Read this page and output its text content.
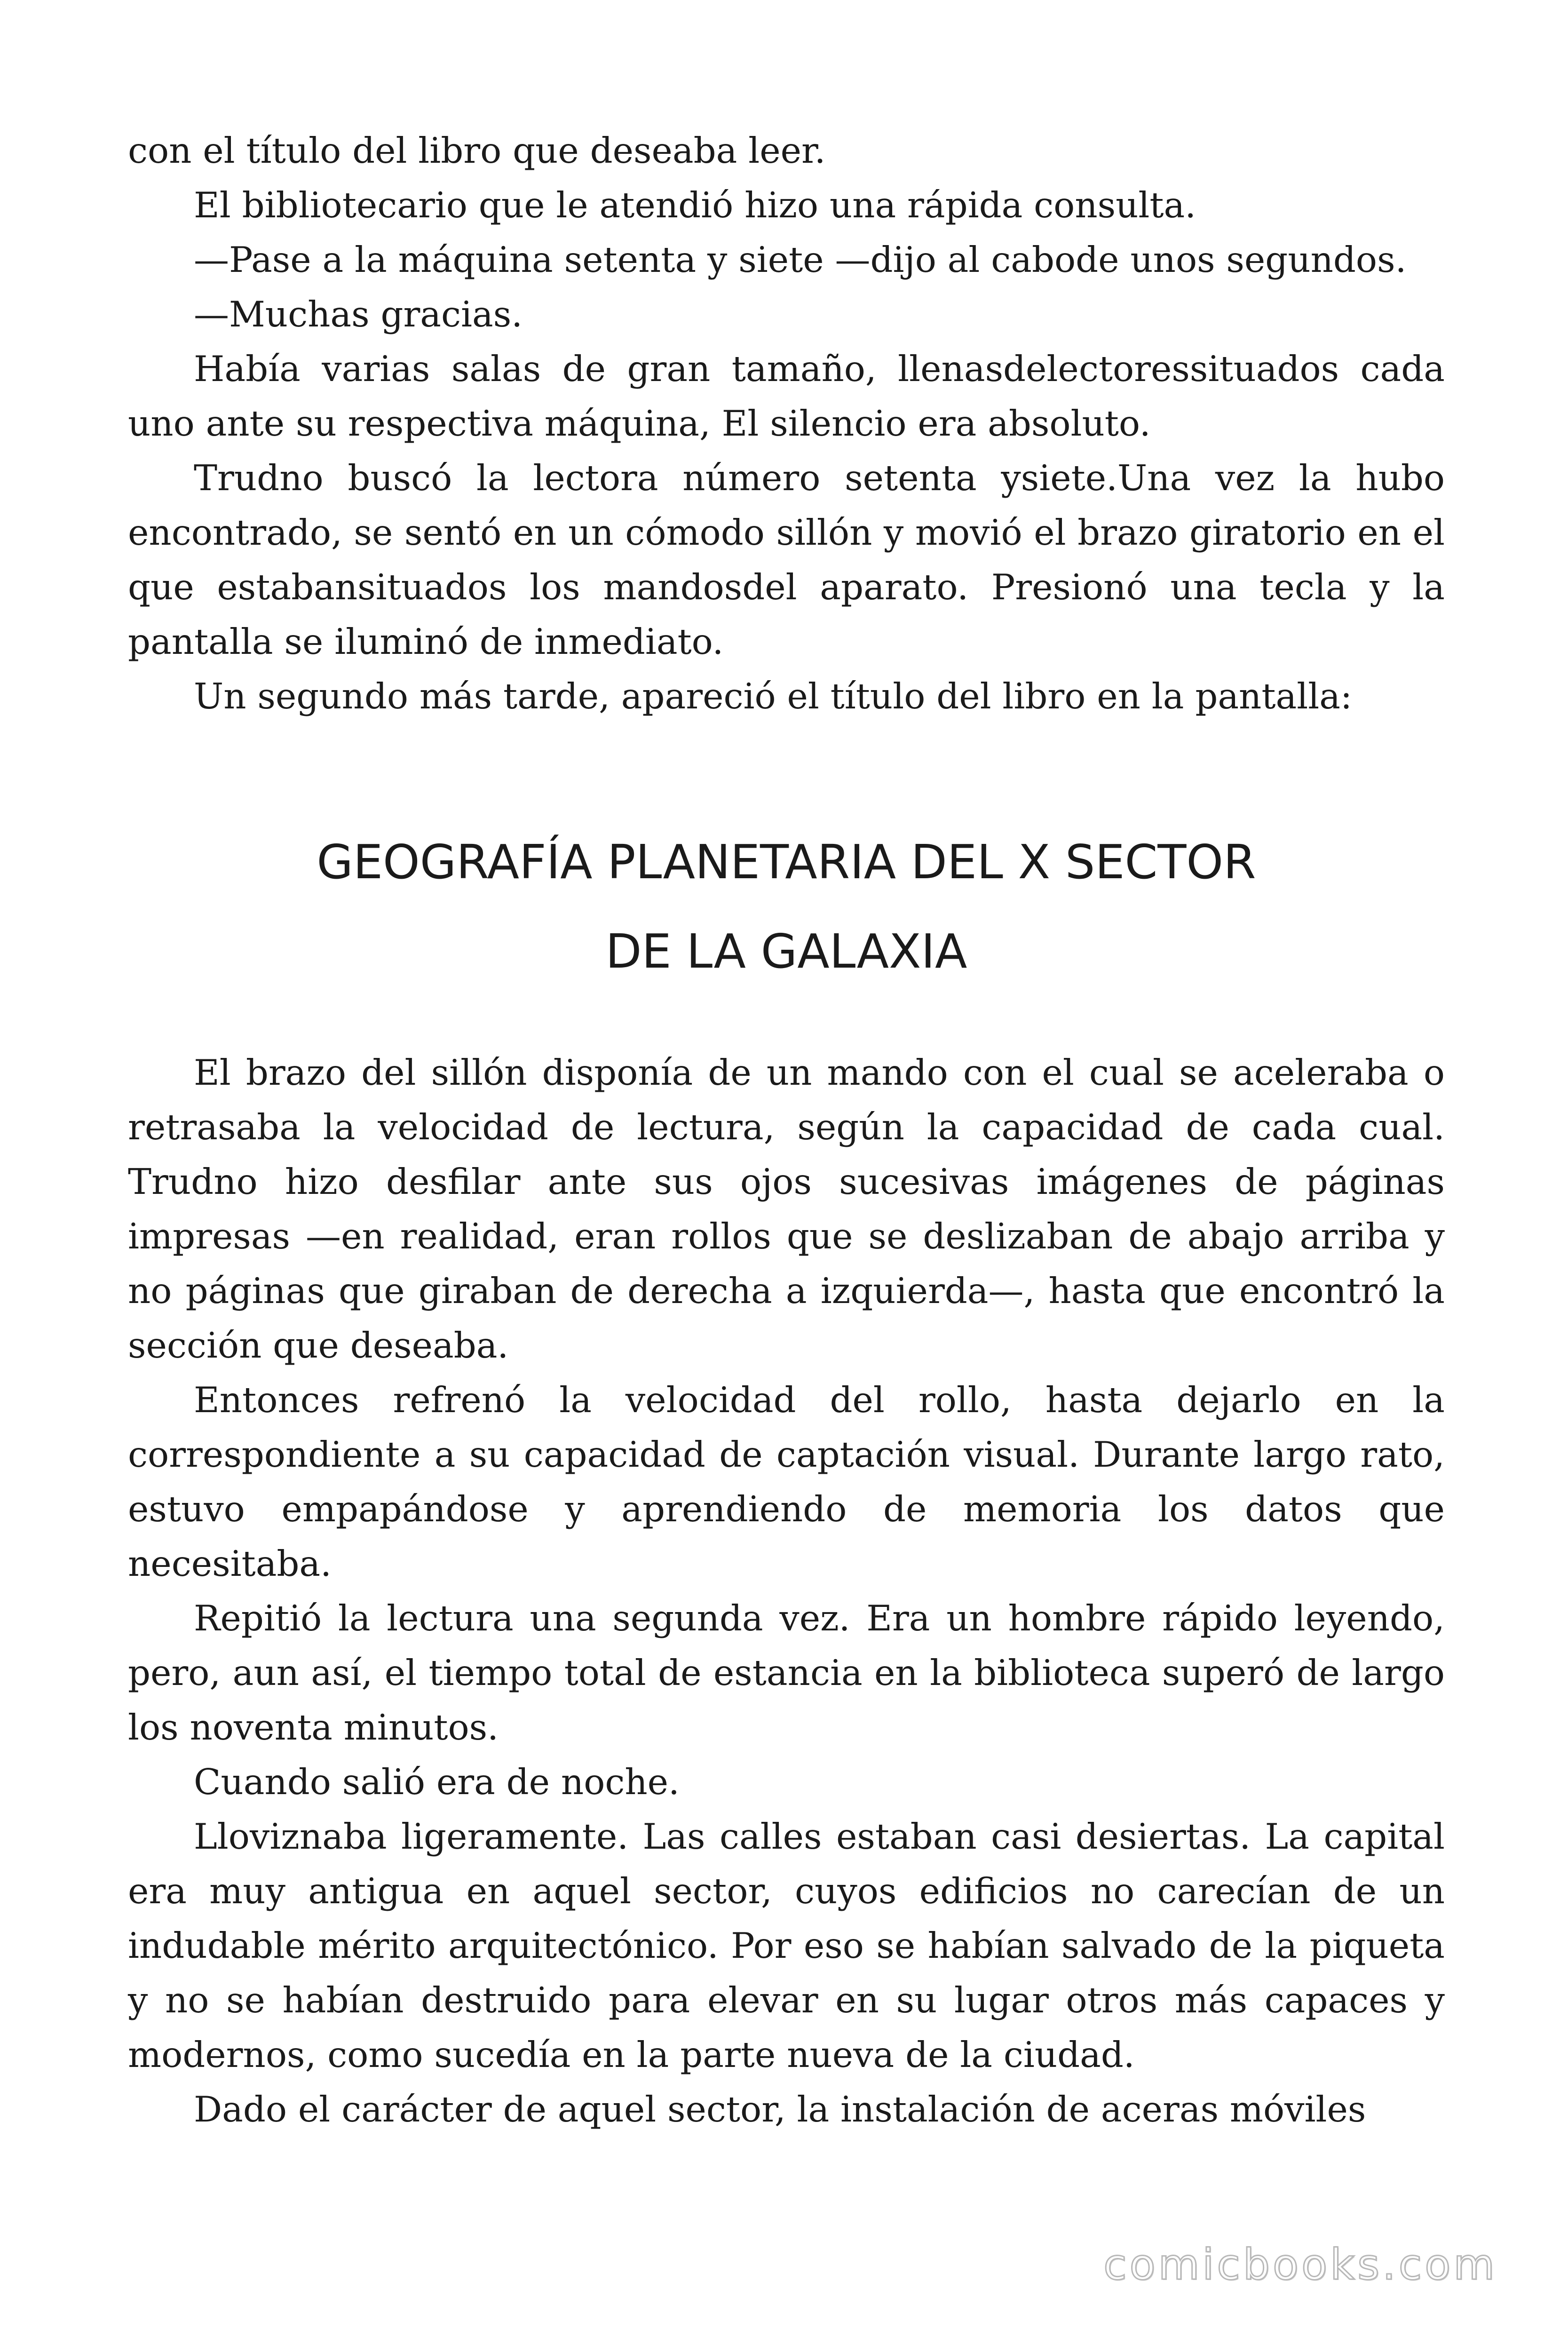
con el título del libro que deseaba leer.

El bibliotecario que le atendió hizo una rápida consulta.

—Pase a la máquina setenta y siete —dijo al cabode unos segundos.

—Muchas gracias.

Había varias salas de gran tamaño, llenasdelectoressituados cada uno ante su respectiva máquina, El silencio era absoluto.

Trudno buscó la lectora número setenta ysiete.Una vez la hubo encontrado, se sentó en un cómodo sillón y movió el brazo giratorio en el que estabansituados los mandosdel aparato. Presionó una tecla y la pantalla se iluminó de inmediato.

Un segundo más tarde, apareció el título del libro en la pantalla:

GEOGRAFÍA PLANETARIA DEL X SECTOR
DE LA GALAXIA

El brazo del sillón disponía de un mando con el cual se aceleraba o retrasaba la velocidad de lectura, según la capacidad de cada cual. Trudno hizo desfilar ante sus ojos sucesivas imágenes de páginas impresas —en realidad, eran rollos que se deslizaban de abajo arriba y no páginas que giraban de derecha a izquierda—, hasta que encontró la sección que deseaba.

Entonces refrenó la velocidad del rollo, hasta dejarlo en la correspondiente a su capacidad de captación visual. Durante largo rato, estuvo empapándose y aprendiendo de memoria los datos que necesitaba.

Repitió la lectura una segunda vez. Era un hombre rápido leyendo, pero, aun así, el tiempo total de estancia en la biblioteca superó de largo los noventa minutos.

Cuando salió era de noche.

Lloviznaba ligeramente. Las calles estaban casi desiertas. La capital era muy antigua en aquel sector, cuyos edificios no carecían de un indudable mérito arquitectónico. Por eso se habían salvado de la piqueta y no se habían destruido para elevar en su lugar otros más capaces y modernos, como sucedía en la parte nueva de la ciudad.

Dado el carácter de aquel sector, la instalación de aceras móviles

comicbooks.com
